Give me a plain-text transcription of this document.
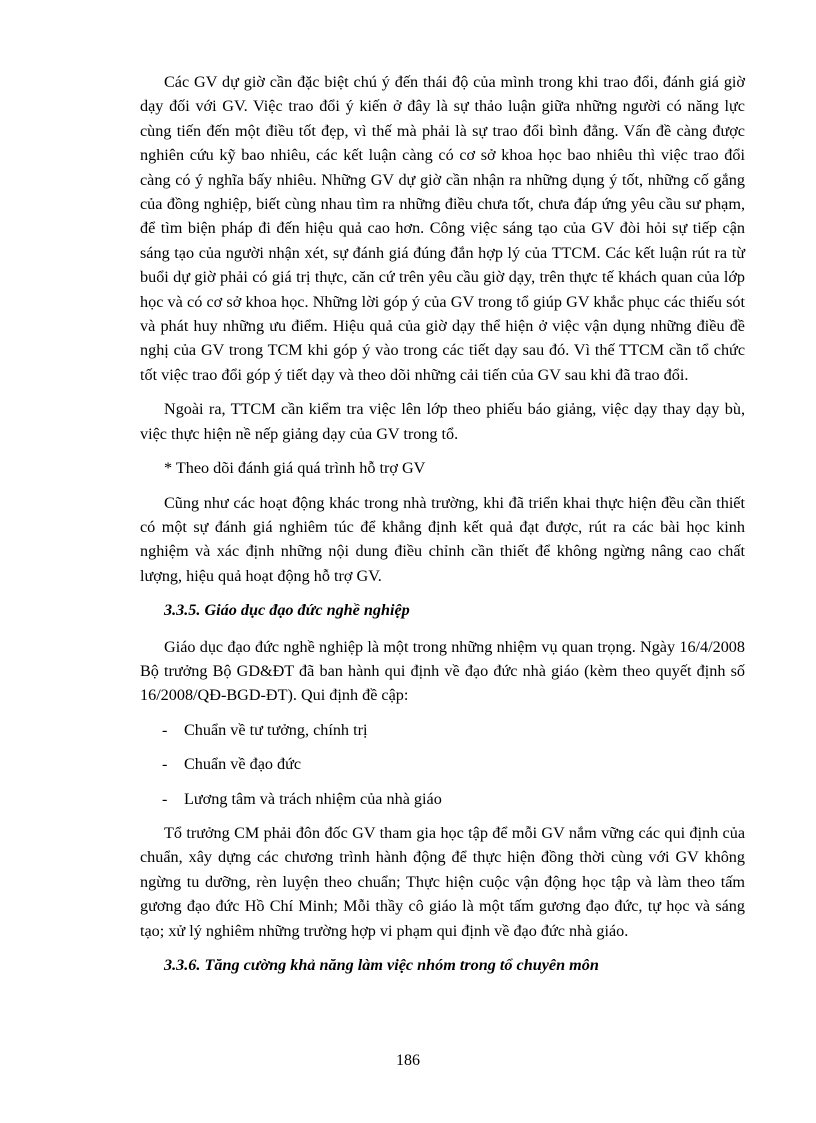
Các GV dự giờ cần đặc biệt chú ý đến thái độ của mình trong khi trao đổi, đánh giá giờ dạy đối với GV. Việc trao đổi ý kiến ở đây là sự thảo luận giữa những người có năng lực cùng tiến đến một điều tốt đẹp, vì thế mà phải là sự trao đổi bình đẳng. Vấn đề càng được nghiên cứu kỹ bao nhiêu, các kết luận càng có cơ sở khoa học bao nhiêu thì việc trao đổi càng có ý nghĩa bấy nhiêu. Những GV dự giờ cần nhận ra những dụng ý tốt, những cố gắng của đồng nghiệp, biết cùng nhau tìm ra những điều chưa tốt, chưa đáp ứng yêu cầu sư phạm, để tìm biện pháp đi đến hiệu quả cao hơn. Công việc sáng tạo của GV đòi hỏi sự tiếp cận sáng tạo của người nhận xét, sự đánh giá đúng đắn hợp lý của TTCM. Các kết luận rút ra từ buổi dự giờ phải có giá trị thực, căn cứ trên yêu cầu giờ dạy, trên thực tế khách quan của lớp học và có cơ sở khoa học. Những lời góp ý của GV trong tổ giúp GV khắc phục các thiếu sót và phát huy những ưu điểm. Hiệu quả của giờ dạy thể hiện ở việc vận dụng những điều đề nghị của GV trong TCM khi góp ý vào trong các tiết dạy sau đó. Vì thế TTCM cần tổ chức tốt việc trao đổi góp ý tiết dạy và theo dõi những cải tiến của GV sau khi đã trao đổi.

Ngoài ra, TTCM cần kiểm tra việc lên lớp theo phiếu báo giảng, việc dạy thay dạy bù, việc thực hiện nề nếp giảng dạy của GV trong tổ.

* Theo dõi đánh giá quá trình hỗ trợ GV

Cũng như các hoạt động khác trong nhà trường, khi đã triển khai thực hiện đều cần thiết có một sự đánh giá nghiêm túc để khẳng định kết quả đạt được, rút ra các bài học kinh nghiệm và xác định những nội dung điều chỉnh cần thiết để không ngừng nâng cao chất lượng, hiệu quả hoạt động hỗ trợ GV.

3.3.5. Giáo dục đạo đức nghề nghiệp

Giáo dục đạo đức nghề nghiệp là một trong những nhiệm vụ quan trọng. Ngày 16/4/2008 Bộ trưởng Bộ GD&ĐT đã ban hành qui định về đạo đức nhà giáo (kèm theo quyết định số 16/2008/QĐ-BGD-ĐT). Qui định đề cập:

- Chuẩn về tư tưởng, chính trị
- Chuẩn về đạo đức
- Lương tâm và trách nhiệm của nhà giáo

Tổ trưởng CM phải đôn đốc GV tham gia học tập để mỗi GV nắm vững các qui định của chuẩn, xây dựng các chương trình hành động để thực hiện đồng thời cùng với GV không ngừng tu dưỡng, rèn luyện theo chuẩn; Thực hiện cuộc vận động học tập và làm theo tấm gương đạo đức Hồ Chí Minh; Mỗi thầy cô giáo là một tấm gương đạo đức, tự học và sáng tạo; xử lý nghiêm những trường hợp vi phạm qui định về đạo đức nhà giáo.

3.3.6. Tăng cường khả năng làm việc nhóm trong tổ chuyên môn

186
